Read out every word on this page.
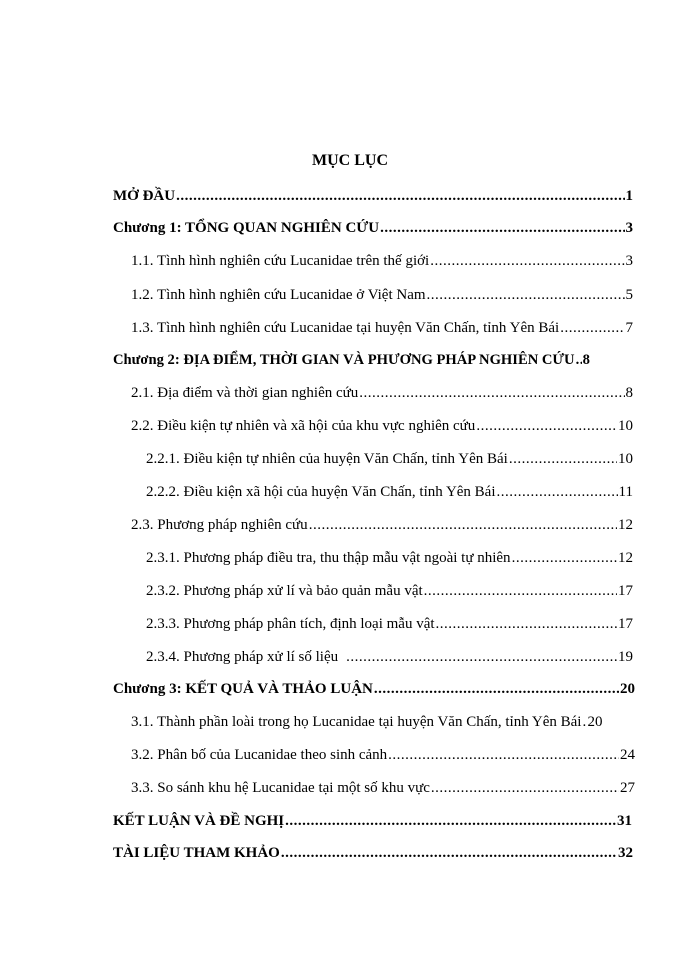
MỤC LỤC
MỞ ĐẦU .....	1
Chương 1: TỔNG QUAN NGHIÊN CỨU .....	3
1.1. Tình hình nghiên cứu Lucanidae trên thế giới .....	3
1.2. Tình hình nghiên cứu Lucanidae ở Việt Nam .....	5
1.3. Tình hình nghiên cứu Lucanidae tại huyện Văn Chấn, tỉnh Yên Bái .....	7
Chương 2: ĐỊA ĐIỂM, THỜI GIAN VÀ PHƯƠNG PHÁP NGHIÊN CỨU ..... 8
2.1. Địa điểm và thời gian nghiên cứu .....	8
2.2. Điều kiện tự nhiên và xã hội của khu vực nghiên cứu .....	10
2.2.1. Điều kiện tự nhiên của huyện Văn Chấn, tỉnh Yên Bái .....	10
2.2.2. Điều kiện xã hội của huyện Văn Chấn, tỉnh Yên Bái .....	11
2.3. Phương pháp nghiên cứu .....	12
2.3.1. Phương pháp điều tra, thu thập mẫu vật ngoài tự nhiên .....	12
2.3.2. Phương pháp xử lí và bảo quản mẫu vật .....	17
2.3.3. Phương pháp phân tích, định loại mẫu vật .....	17
2.3.4. Phương pháp xử lí số liệu .....	19
Chương 3: KẾT QUẢ VÀ THẢO LUẬN .....	20
3.1. Thành phần loài trong họ Lucanidae tại huyện Văn Chấn, tỉnh Yên Bái ..... 20
3.2. Phân bố của Lucanidae theo sinh cảnh .....	24
3.3. So sánh khu hệ Lucanidae tại một số khu vực .....	27
KẾT LUẬN VÀ ĐỀ NGHỊ .....	31
TÀI LIỆU THAM KHẢO .....	32
